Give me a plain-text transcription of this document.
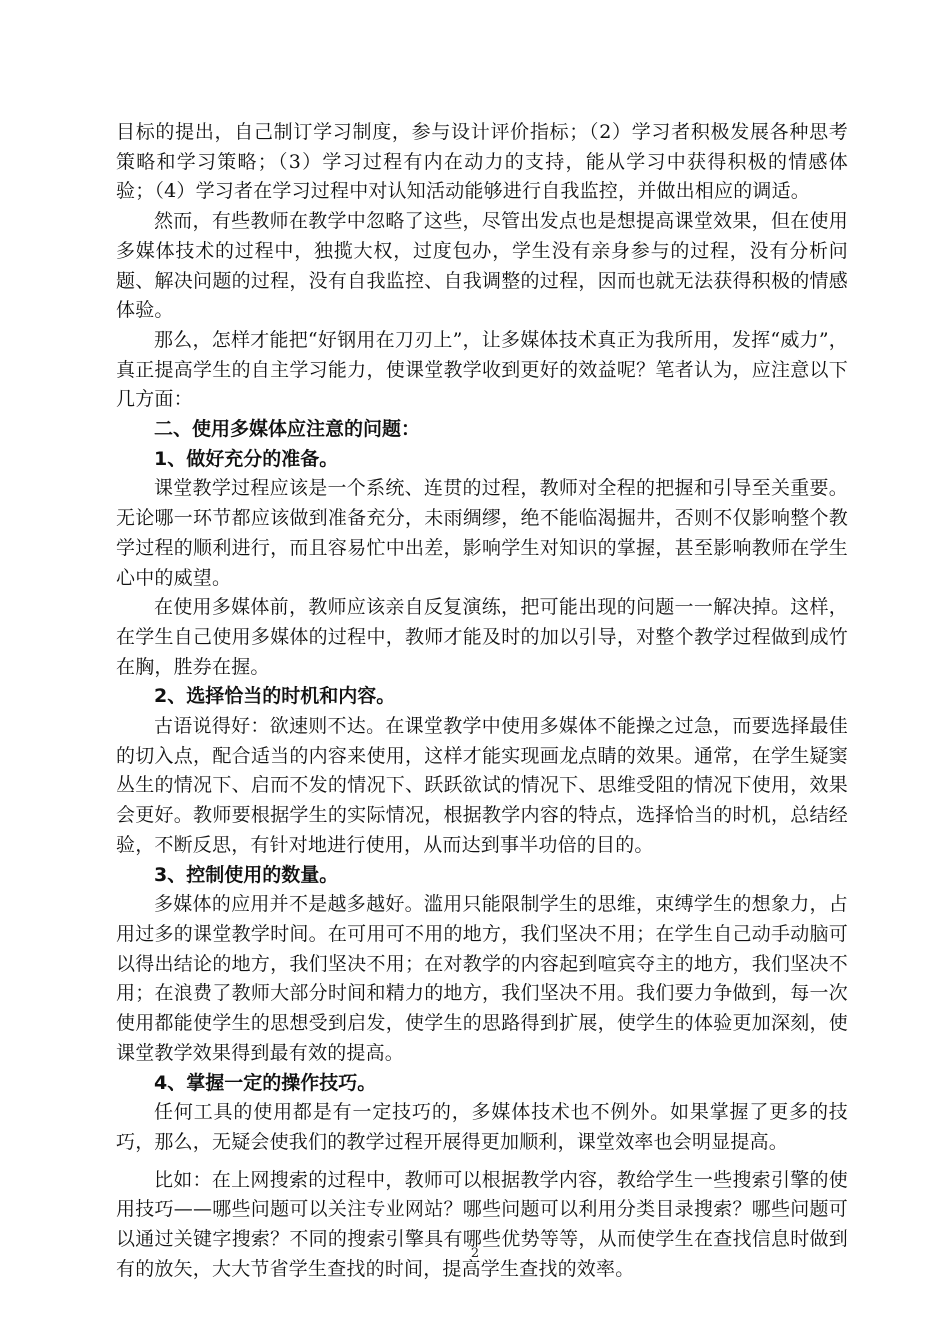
目标的提出，自己制订学习制度，参与设计评价指标；（2）学习者积极发展各种思考策略和学习策略；（3）学习过程有内在动力的支持，能从学习中获得积极的情感体验；（4）学习者在学习过程中对认知活动能够进行自我监控，并做出相应的调适。

然而，有些教师在教学中忽略了这些，尽管出发点也是想提高课堂效果，但在使用多媒体技术的过程中，独揽大权，过度包办，学生没有亲身参与的过程，没有分析问题、解决问题的过程，没有自我监控、自我调整的过程，因而也就无法获得积极的情感体验。

那么，怎样才能把“好钢用在刀刃上”，让多媒体技术真正为我所用，发挥“威力”，真正提高学生的自主学习能力，使课堂教学收到更好的效益呢？笔者认为，应注意以下几方面：

二、使用多媒体应注意的问题：

1、做好充分的准备。

课堂教学过程应该是一个系统、连贯的过程，教师对全程的把握和引导至关重要。无论哪一环节都应该做到准备充分，未雨绸缪，绝不能临渴掘井，否则不仅影响整个教学过程的顺利进行，而且容易忙中出差，影响学生对知识的掌握，甚至影响教师在学生心中的威望。

在使用多媒体前，教师应该亲自反复演练，把可能出现的问题一一解决掉。这样，在学生自己使用多媒体的过程中，教师才能及时的加以引导，对整个教学过程做到成竹在胸，胜券在握。

2、选择恰当的时机和内容。

古语说得好：欲速则不达。在课堂教学中使用多媒体不能操之过急，而要选择最佳的切入点，配合适当的内容来使用，这样才能实现画龙点睛的效果。通常，在学生疑窦丛生的情况下、启而不发的情况下、跃跃欲试的情况下、思维受阻的情况下使用，效果会更好。教师要根据学生的实际情况，根据教学内容的特点，选择恰当的时机，总结经验，不断反思，有针对地进行使用，从而达到事半功倍的目的。

3、控制使用的数量。

多媒体的应用并不是越多越好。滥用只能限制学生的思维，束缚学生的想象力，占用过多的课堂教学时间。在可用可不用的地方，我们坚决不用；在学生自己动手动脑可以得出结论的地方，我们坚决不用；在对教学的内容起到喧宾夺主的地方，我们坚决不用；在浪费了教师大部分时间和精力的地方，我们坚决不用。我们要力争做到，每一次使用都能使学生的思想受到启发，使学生的思路得到扩展，使学生的体验更加深刻，使课堂教学效果得到最有效的提高。

4、掌握一定的操作技巧。

任何工具的使用都是有一定技巧的，多媒体技术也不例外。如果掌握了更多的技巧，那么，无疑会使我们的教学过程开展得更加顺利，课堂效率也会明显提高。

比如：在上网搜索的过程中，教师可以根据教学内容，教给学生一些搜索引擎的使用技巧——哪些问题可以关注专业网站？哪些问题可以利用分类目录搜索？哪些问题可以通过关键字搜索？不同的搜索引擎具有哪些优势等等，从而使学生在查找信息时做到有的放矢，大大节省学生查找的时间，提高学生查找的效率。

2
